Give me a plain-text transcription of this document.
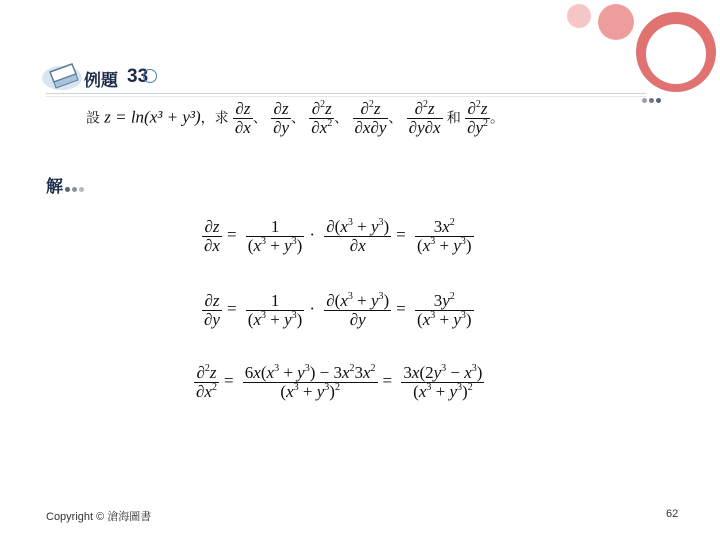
例題 33
設 z = ln(x³ + y³)，求 $\frac{\partial z}{\partial x}$ 、 $\frac{\partial z}{\partial y}$ 、 $\frac{\partial^2z}{\partial x^2}$ 、 $\frac{\partial^2z}{\partial x\partial y}$ 、 $\frac{\partial^2z}{\partial y\partial x}$ 和 $\frac{\partial^2z}{\partial y^2}$ 。
解
$\frac{\partial z}{\partial x} = \frac{1}{(x^3 + y^3)} \cdot \frac{\partial(x^3 + y^3)}{\partial x} = \frac{3x^2}{(x^3 + y^3)}$
$\frac{\partial z}{\partial y} = \frac{1}{(x^3 + y^3)} \cdot \frac{\partial(x^3 + y^3)}{\partial y} = \frac{3y^2}{(x^3 + y^3)}$
$\frac{\partial^2z}{\partial x^2} = \frac{6x(x^3 + y^3) - 3x^23x^2}{(x^3 + y^3)^2} = \frac{3x(2y^3 - x^3)}{(x^3 + y^3)^2}$
Copyright © 滄海圖書	62
